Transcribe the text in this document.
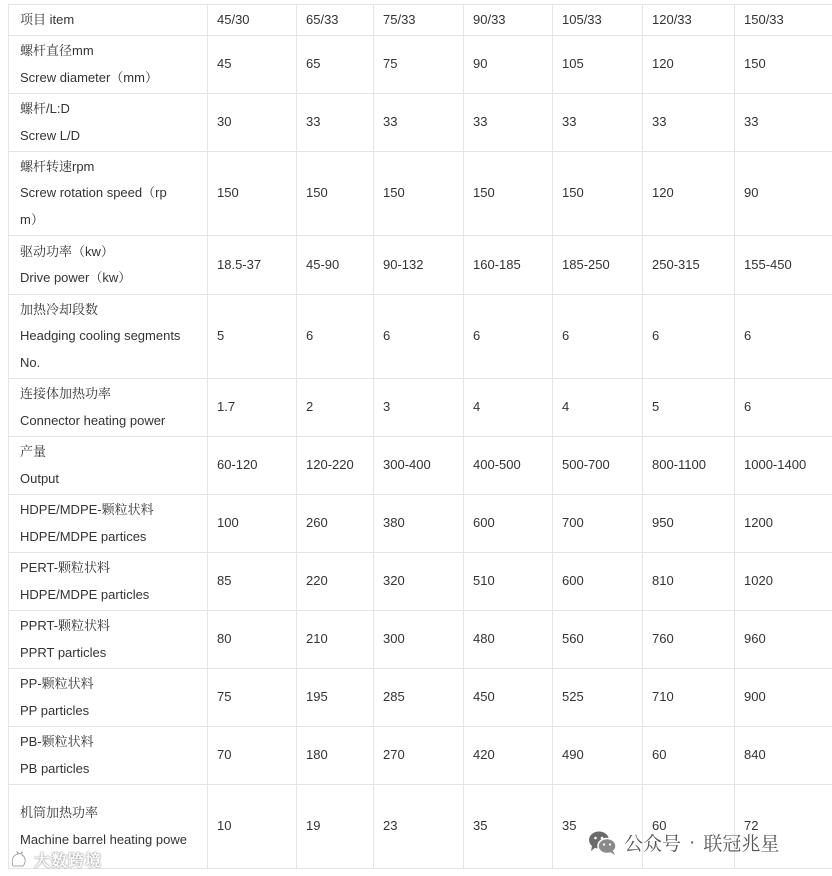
项目 item	45/30	65/33	75/33	90/33	105/33	120/33	150/33

螺杆直径mm
Screw diameter（mm）	45	65	75	90	105	120	150

螺杆/L:D
Screw L/D	30	33	33	33	33	33	33

螺杆转速rpm
Screw rotation speed（rp
m）	150	150	150	150	150	120	90

驱动功率（kw）
Drive power（kw）	18.5-37	45-90	90-132	160-185	185-250	250-315	155-450

加热冷却段数
Headging cooling segments
No.	5	6	6	6	6	6	6

连接体加热功率
Connector heating power	1.7	2	3	4	4	5	6

产量
Output	60-120	120-220	300-400	400-500	500-700	800-1100	1000-1400

HDPE/MDPE-颗粒状料
HDPE/MDPE partices	100	260	380	600	700	950	1200

PERT-颗粒状料
HDPE/MDPE particles	85	220	320	510	600	810	1020

PPRT-颗粒状料
PPRT particles	80	210	300	480	560	760	960

PP-颗粒状料
PP particles	75	195	285	450	525	710	900

PB-颗粒状料
PB particles	70	180	270	420	490	60	840

机筒加热功率
Machine barrel heating powe	10	19	23	35	35	60	72
大数跨境
公众号 · 联冠兆星
